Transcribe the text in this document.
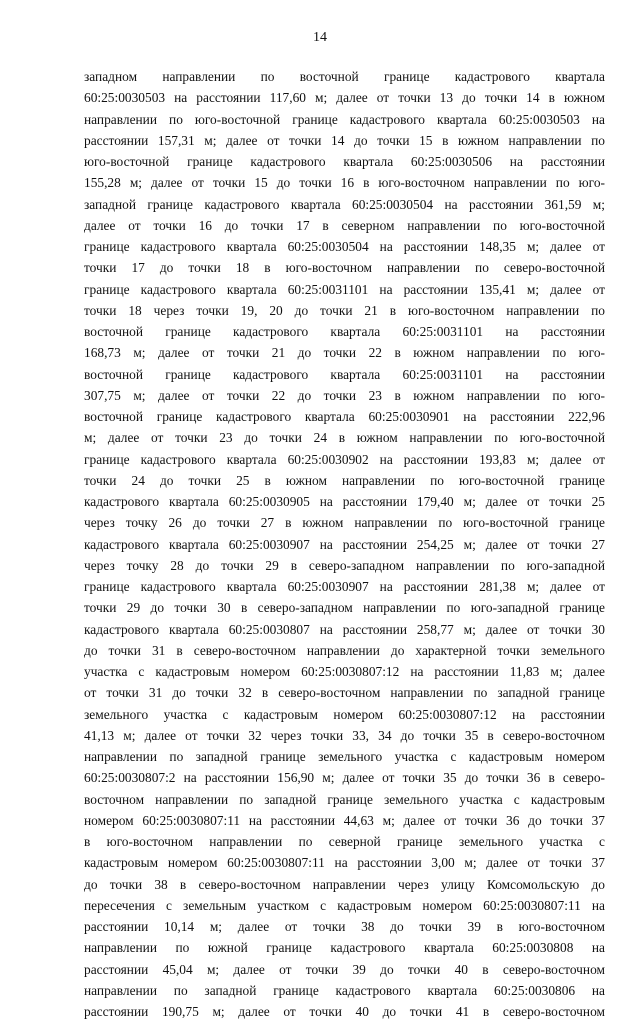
14
западном направлении по восточной границе кадастрового квартала
60:25:0030503 на расстоянии 117,60 м; далее от точки 13 до точки 14 в южном
направлении по юго-восточной границе кадастрового квартала 60:25:0030503 на
расстоянии 157,31 м; далее от точки 14 до точки 15 в южном направлении по
юго-восточной границе кадастрового квартала 60:25:0030506 на расстоянии
155,28 м; далее от точки 15 до точки 16 в юго-восточном направлении по юго-
западной границе кадастрового квартала 60:25:0030504 на расстоянии 361,59 м;
далее от точки 16 до точки 17 в северном направлении по юго-восточной
границе кадастрового квартала 60:25:0030504 на расстоянии 148,35 м; далее от
точки 17 до точки 18 в юго-восточном направлении по северо-восточной
границе кадастрового квартала 60:25:0031101 на расстоянии 135,41 м; далее от
точки 18 через точки 19, 20 до точки 21 в юго-восточном направлении по
восточной границе кадастрового квартала 60:25:0031101 на расстоянии
168,73 м; далее от точки 21 до точки 22 в южном направлении по юго-
восточной границе кадастрового квартала 60:25:0031101 на расстоянии
307,75 м; далее от точки 22 до точки 23 в южном направлении по юго-
восточной границе кадастрового квартала 60:25:0030901 на расстоянии 222,96
м; далее от точки 23 до точки 24 в южном направлении по юго-восточной
границе кадастрового квартала 60:25:0030902 на расстоянии 193,83 м; далее от
точки 24 до точки 25 в южном направлении по юго-восточной границе
кадастрового квартала 60:25:0030905 на расстоянии 179,40 м; далее от точки 25
через точку 26 до точки 27 в южном направлении по юго-восточной границе
кадастрового квартала 60:25:0030907 на расстоянии 254,25 м; далее от точки 27
через точку 28 до точки 29 в северо-западном направлении по юго-западной
границе кадастрового квартала 60:25:0030907 на расстоянии 281,38 м; далее от
точки 29 до точки 30 в северо-западном направлении по юго-западной границе
кадастрового квартала 60:25:0030807 на расстоянии 258,77 м; далее от точки 30
до точки 31 в северо-восточном направлении до характерной точки земельного
участка с кадастровым номером 60:25:0030807:12 на расстоянии 11,83 м; далее
от точки 31 до точки 32 в северо-восточном направлении по западной границе
земельного участка с кадастровым номером 60:25:0030807:12 на расстоянии
41,13 м; далее от точки 32 через точки 33, 34 до точки 35 в северо-восточном
направлении по западной границе земельного участка с кадастровым номером
60:25:0030807:2 на расстоянии 156,90 м; далее от точки 35 до точки 36 в северо-
восточном направлении по западной границе земельного участка с кадастровым
номером 60:25:0030807:11 на расстоянии 44,63 м; далее от точки 36 до точки 37
в юго-восточном направлении по северной границе земельного участка с
кадастровым номером 60:25:0030807:11 на расстоянии 3,00 м; далее от точки 37
до точки 38 в северо-восточном направлении через улицу Комсомольскую до
пересечения с земельным участком с кадастровым номером 60:25:0030807:11 на
расстоянии 10,14 м; далее от точки 38 до точки 39 в юго-восточном
направлении по южной границе кадастрового квартала 60:25:0030808 на
расстоянии 45,04 м; далее от точки 39 до точки 40 в северо-восточном
направлении по западной границе кадастрового квартала 60:25:0030806 на
расстоянии 190,75 м; далее от точки 40 до точки 41 в северо-восточном
